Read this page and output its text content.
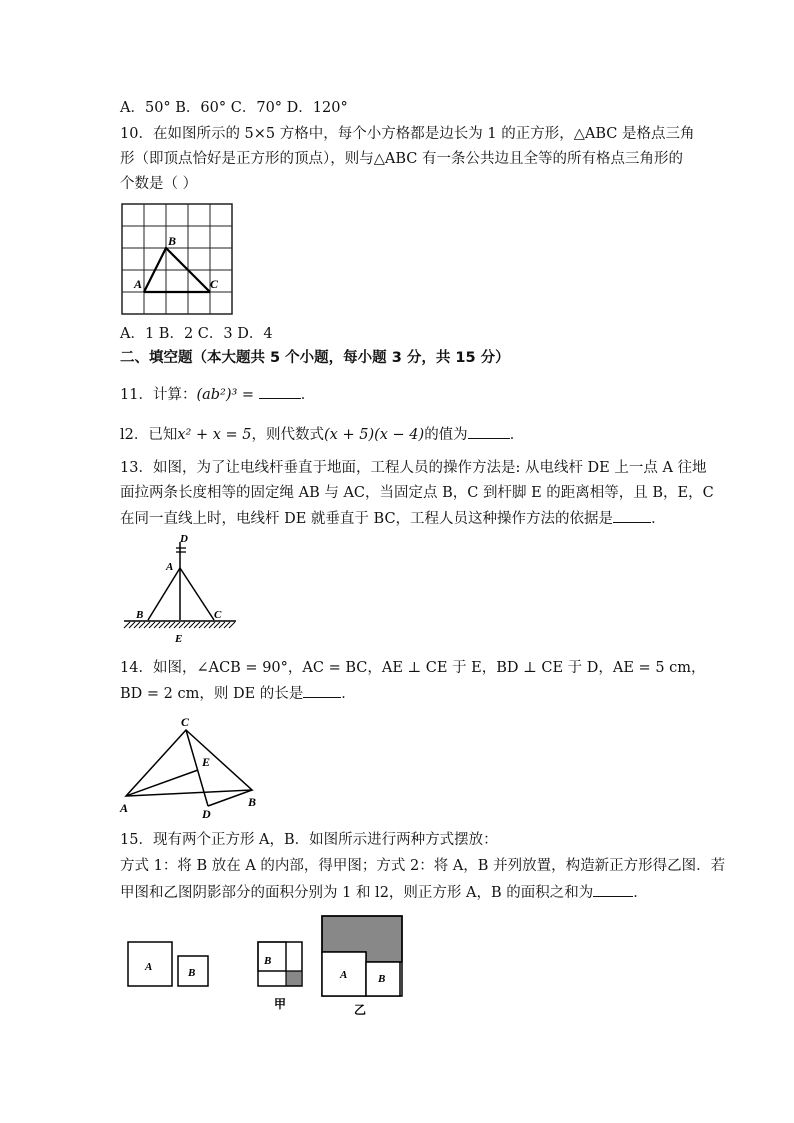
A．50° B．60° C．70° D．120°
10．在如图所示的 5×5 方格中，每个小方格都是边长为 1 的正方形，△ABC 是格点三角
形（即顶点恰好是正方形的顶点），则与△ABC 有一条公共边且全等的所有格点三角形的
个数是（ ）
A
B
C
A．1 B．2 C．3 D．4
二、填空题（本大题共 5 个小题，每小题 3 分，共 15 分）
11．计算：(ab²)³ =	．
l2．已知x² + x = 5，则代数式(x + 5)(x − 4)的值为	．
13．如图，为了让电线杆垂直于地面，工程人员的操作方法是: 从电线杆 DE 上一点 A 往地
面拉两条长度相等的固定绳 AB 与 AC，当固定点 B，C 到杆脚 E 的距离相等，且 B，E，C
在同一直线上时，电线杆 DE 就垂直于 BC，工程人员这种操作方法的依据是	．
D
A
B	C
E
14．如图，∠ACB = 90°，AC = BC，AE ⊥ CE 于 E，BD ⊥ CE 于 D，AE = 5 cm，
BD = 2 cm，则 DE 的长是	．
C
E
A	D
B
15．现有两个正方形 A，B．如图所示进行两种方式摆放：
方式 1：将 B 放在 A 的内部，得甲图；方式 2：将 A，B 并列放置，构造新正方形得乙图．若
甲图和乙图阴影部分的面积分别为 1 和 l2，则正方形 A，B 的面积之和为	．
A	B
B
甲
A	B
乙
